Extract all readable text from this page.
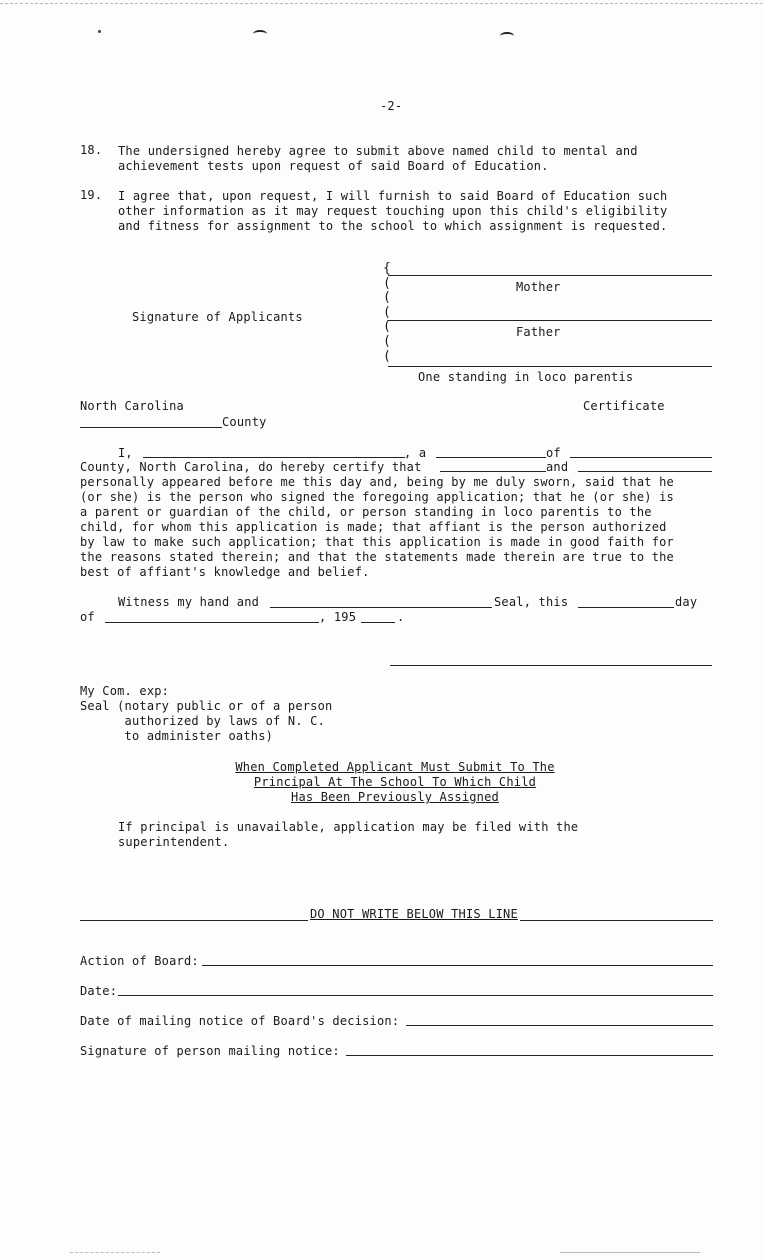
-2-
18. The undersigned hereby agree to submit above named child to mental and
achievement tests upon request of said Board of Education.
19. I agree that, upon request, I will furnish to said Board of Education such
other information as it may request touching upon this child's eligibility
and fitness for assignment to the school to which assignment is requested.
{
(
(
(
(
(
(
Mother
Signature of Applicants
Father
One standing in loco parentis
North Carolina	Certificate
County
I,	, a	of
County, North Carolina, do hereby certify that	and
personally appeared before me this day and, being by me duly sworn, said that he
(or she) is the person who signed the foregoing application; that he (or she) is
a parent or guardian of the child, or person standing in loco parentis to the
child, for whom this application is made; that affiant is the person authorized
by law to make such application; that this application is made in good faith for
the reasons stated therein; and that the statements made therein are true to the
best of affiant's knowledge and belief.
Witness my hand and	Seal, this	day
of	, 195	.
My Com. exp:
Seal (notary public or of a person
authorized by laws of N. C.
to administer oaths)
When Completed Applicant Must Submit To The
Principal At The School To Which Child
Has Been Previously Assigned
If principal is unavailable, application may be filed with the
superintendent.
DO NOT WRITE BELOW THIS LINE
Action of Board:
Date:
Date of mailing notice of Board's decision:
Signature of person mailing notice:
